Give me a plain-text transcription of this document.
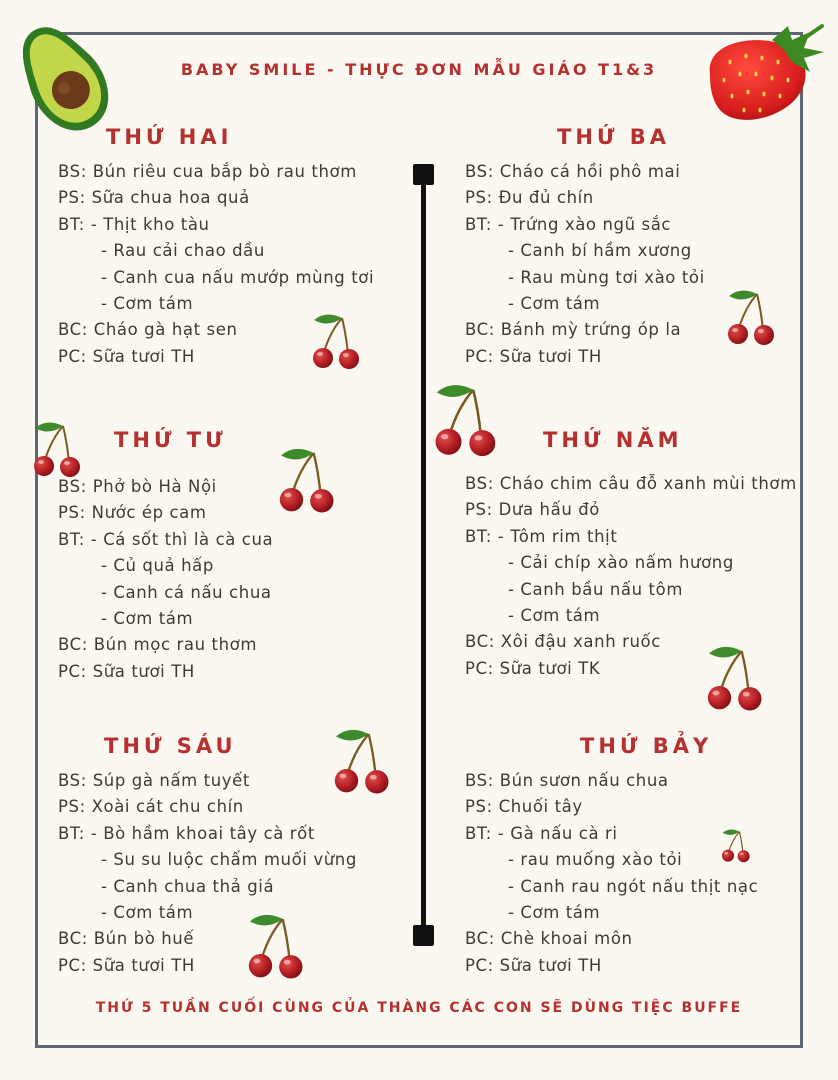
BABY SMILE - THỰC ĐƠN MẪU GIÁO T1&3
THỨ HAI	THỨ BA
THỨ TƯ	THỨ NĂM
THỨ SÁU	THỨ BẢY
BS: Bún riêu cua bắp bò rau thơm
PS: Sữa chua hoa quả
BT: - Thịt kho tàu
- Rau cải chao dầu
- Canh cua nấu mướp mùng tơi
- Cơm tám
BC: Cháo gà hạt sen
PC: Sữa tươi TH
BS: Cháo cá hồi phô mai
PS: Đu đủ chín
BT: - Trứng xào ngũ sắc
- Canh bí hầm xương
- Rau mùng tơi xào tỏi
- Cơm tám
BC: Bánh mỳ trứng óp la
PC: Sữa tươi TH
BS: Phở bò Hà Nội
PS: Nước ép cam
BT: - Cá sốt thì là cà cua
- Củ quả hấp
- Canh cá nấu chua
- Cơm tám
BC: Bún mọc rau thơm
PC: Sữa tươi TH
BS: Cháo chim câu đỗ xanh mùi thơm
PS: Dưa hấu đỏ
BT: - Tôm rim thịt
- Cải chíp xào nấm hương
- Canh bầu nấu tôm
- Cơm tám
BC: Xôi đậu xanh ruốc
PC: Sữa tươi TK
BS: Súp gà nấm tuyết
PS: Xoài cát chu chín
BT: - Bò hầm khoai tây cà rốt
- Su su luộc chấm muối vừng
- Canh chua thả giá
- Cơm tám
BC: Bún bò huế
PC: Sữa tươi TH
BS: Bún sươn nấu chua
PS: Chuối tây
BT: - Gà nấu cà ri
- rau muống xào tỏi
- Canh rau ngót nấu thịt nạc
- Cơm tám
BC: Chè khoai môn
PC: Sữa tươi TH
THỨ 5 TUẦN CUỐI CÙNG CỦA THÀNG CÁC CON SẼ DÙNG TIỆC BUFFE
